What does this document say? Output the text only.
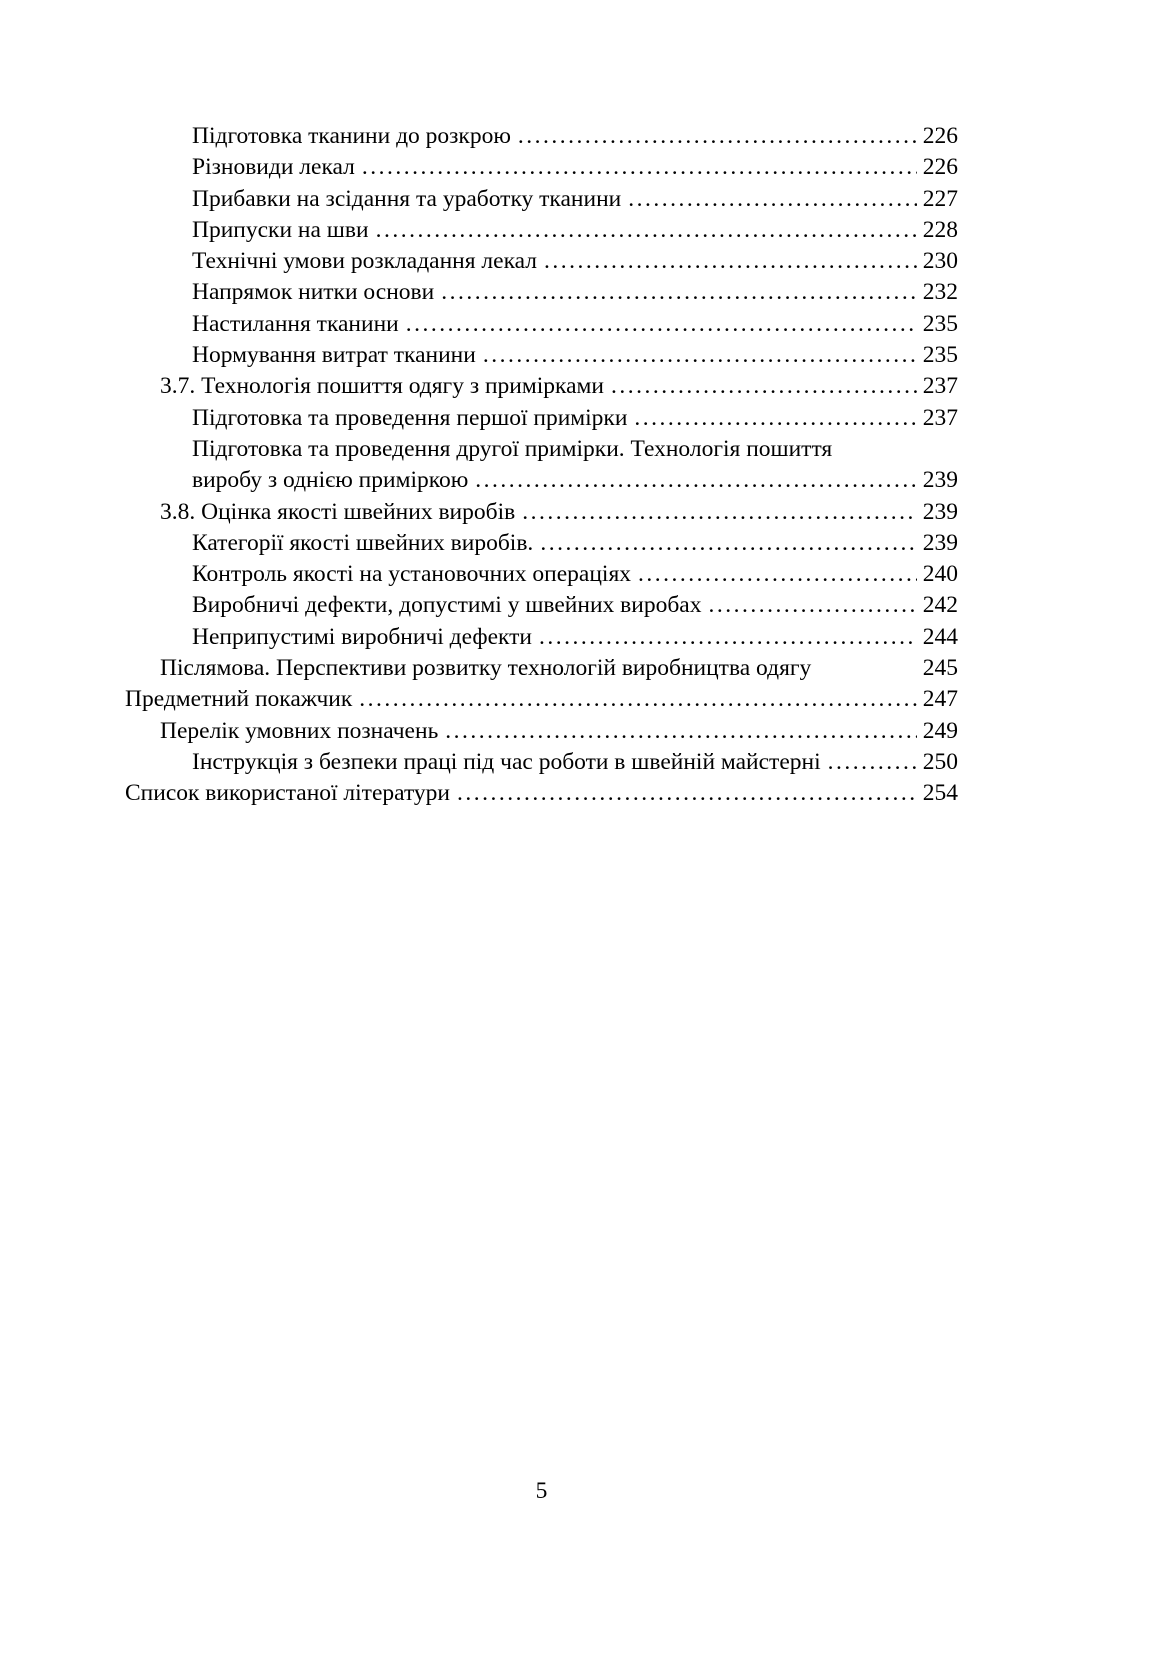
Підготовка тканини до розкрою .....	226
Різновиди лекал .....	226
Прибавки на зсідання та уработку тканини .....	227
Припуски на шви .....	228
Технічні умови розкладання лекал .....	230
Напрямок нитки основи .....	232
Настилання тканини .....	235
Нормування витрат тканини .....	235
3.7. Технологія пошиття одягу з примірками .....	237
Підготовка та проведення першої примірки .....	237
Підготовка та проведення другої примірки. Технологія пошиття
виробу з однією приміркою .....	239
3.8. Оцінка якості швейних виробів .....	239
Категорії якості швейних виробів. .....	239
Контроль якості на установочних операціях .....	240
Виробничі дефекти, допустимі у швейних виробах .....	242
Неприпустимі виробничі дефекти .....	244
Післямова. Перспективи розвитку технологій виробництва одягу	245
Предметний покажчик .....	247
Перелік умовних позначень .....	249
Інструкція з безпеки праці під час роботи в швейній майстерні .....	250
Список використаної літератури .....	254
5
